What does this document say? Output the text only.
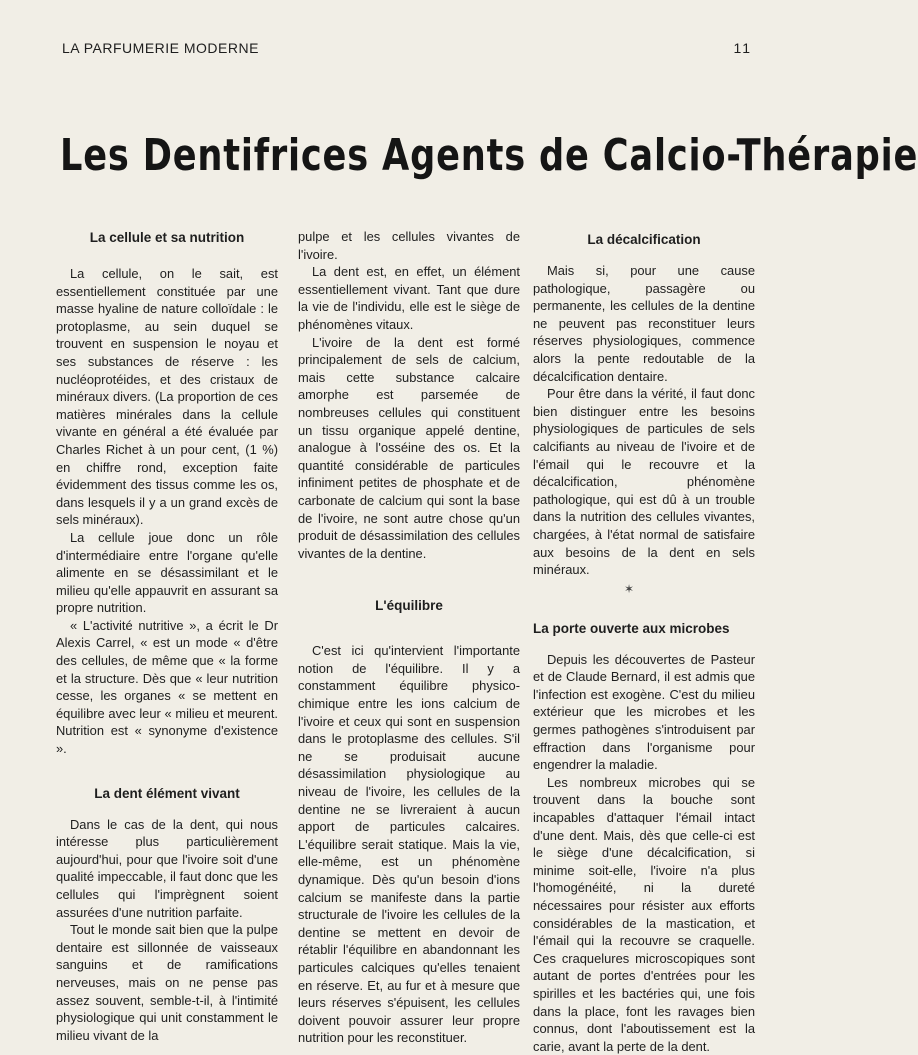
LA PARFUMERIE MODERNE	11
Les Dentifrices Agents de Calcio-Thérapie
La cellule et sa nutrition

La cellule, on le sait, est essentiellement constituée par une masse hyaline de nature colloïdale : le protoplasme, au sein duquel se trouvent en suspension le noyau et ses substances de réserve : les nucléoprotéides, et des cristaux de minéraux divers. (La proportion de ces matières minérales dans la cellule vivante en général a été évaluée par Charles Richet à un pour cent, (1 %) en chiffre rond, exception faite évidemment des tissus comme les os, dans lesquels il y a un grand excès de sels minéraux).

La cellule joue donc un rôle d'intermédiaire entre l'organe qu'elle alimente en se désassimilant et le milieu qu'elle appauvrit en assurant sa propre nutrition.

« L'activité nutritive », a écrit le Dr Alexis Carrel, « est un mode « d'être des cellules, de même que « la forme et la structure. Dès que « leur nutrition cesse, les organes « se mettent en équilibre avec leur « milieu et meurent. Nutrition est « synonyme d'existence ».

La dent élément vivant

Dans le cas de la dent, qui nous intéresse plus particulièrement aujourd'hui, pour que l'ivoire soit d'une qualité impeccable, il faut donc que les cellules qui l'imprègnent soient assurées d'une nutrition parfaite.

Tout le monde sait bien que la pulpe dentaire est sillonnée de vaisseaux sanguins et de ramifications nerveuses, mais on ne pense pas assez souvent, semble-t-il, à l'intimité physiologique qui unit constamment le milieu vivant de la

pulpe et les cellules vivantes de l'ivoire.

La dent est, en effet, un élément essentiellement vivant. Tant que dure la vie de l'individu, elle est le siège de phénomènes vitaux.

L'ivoire de la dent est formé principalement de sels de calcium, mais cette substance calcaire amorphe est parsemée de nombreuses cellules qui constituent un tissu organique appelé dentine, analogue à l'osséine des os. Et la quantité considérable de particules infiniment petites de phosphate et de carbonate de calcium qui sont la base de l'ivoire, ne sont autre chose qu'un produit de désassimilation des cellules vivantes de la dentine.

L'équilibre

C'est ici qu'intervient l'importante notion de l'équilibre. Il y a constamment équilibre physico-chimique entre les ions calcium de l'ivoire et ceux qui sont en suspension dans le protoplasme des cellules. S'il ne se produisait aucune désassimilation physiologique au niveau de l'ivoire, les cellules de la dentine ne se livreraient à aucun apport de particules calcaires. L'équilibre serait statique. Mais la vie, elle-même, est un phénomène dynamique. Dès qu'un besoin d'ions calcium se manifeste dans la partie structurale de l'ivoire les cellules de la dentine se mettent en devoir de rétablir l'équilibre en abandonnant les particules calciques qu'elles tenaient en réserve. Et, au fur et à mesure que leurs réserves s'épuisent, les cellules doivent pouvoir assurer leur propre nutrition pour les reconstituer.

La décalcification

Mais si, pour une cause pathologique, passagère ou permanente, les cellules de la dentine ne peuvent pas reconstituer leurs réserves physiologiques, commence alors la pente redoutable de la décalcification dentaire.

Pour être dans la vérité, il faut donc bien distinguer entre les besoins physiologiques de particules de sels calcifiants au niveau de l'ivoire et de l'émail qui le recouvre et la décalcification, phénomène pathologique, qui est dû à un trouble dans la nutrition des cellules vivantes, chargées, à l'état normal de satisfaire aux besoins de la dent en sels minéraux.

✶
La porte ouverte aux microbes

Depuis les découvertes de Pasteur et de Claude Bernard, il est admis que l'infection est exogène. C'est du milieu extérieur que les microbes et les germes pathogènes s'introduisent par effraction dans l'organisme pour engendrer la maladie.

Les nombreux microbes qui se trouvent dans la bouche sont incapables d'attaquer l'émail intact d'une dent. Mais, dès que celle-ci est le siège d'une décalcification, si minime soit-elle, l'ivoire n'a plus l'homogénéité, ni la dureté nécessaires pour résister aux efforts considérables de la mastication, et l'émail qui la recouvre se craquelle. Ces craquelures microscopiques sont autant de portes d'entrées pour les spirilles et les bactéries qui, une fois dans la place, font les ravages bien connus, dont l'aboutissement est la carie, avant la perte de la dent.
